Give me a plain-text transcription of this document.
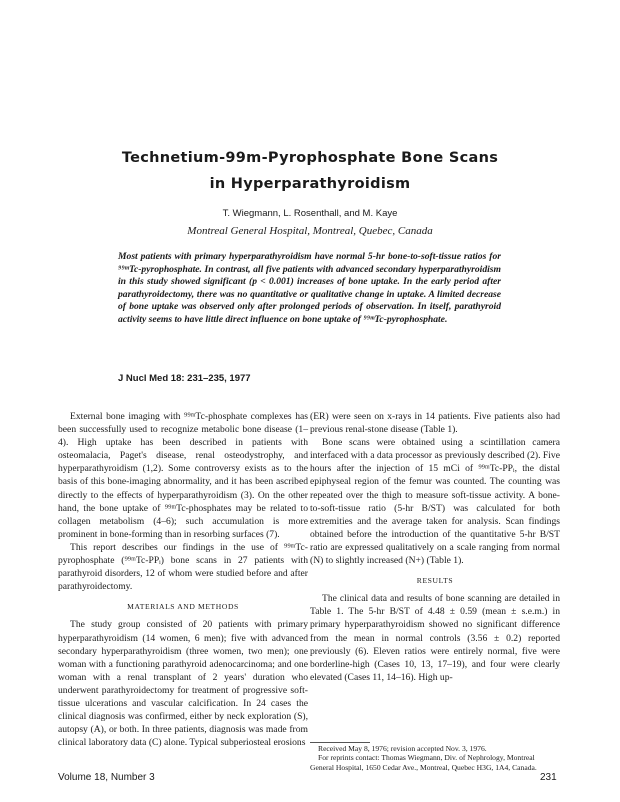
Technetium-99m-Pyrophosphate Bone Scans
in Hyperparathyroidism
T. Wiegmann, L. Rosenthall, and M. Kaye
Montreal General Hospital, Montreal, Quebec, Canada

Most patients with primary hyperparathyroidism have normal 5-hr bone-to-soft-tissue ratios for ⁹⁹ᵐTc-pyrophosphate. In contrast, all five patients with advanced secondary hyperparathyroidism in this study showed significant (p < 0.001) increases of bone uptake. In the early period after parathyroidectomy, there was no quantitative or qualitative change in uptake. A limited decrease of bone uptake was observed only after prolonged periods of observation. In itself, parathyroid activity seems to have little direct influence on bone uptake of ⁹⁹ᵐTc-pyrophosphate.

J Nucl Med 18: 231–235, 1977

External bone imaging with ⁹⁹ᵐTc-phosphate complexes has been successfully used to recognize metabolic bone disease (1–4). High uptake has been described in patients with osteomalacia, Paget's disease, renal osteodystrophy, and hyperparathyroidism (1,2). Some controversy exists as to the basis of this bone-imaging abnormality, and it has been ascribed directly to the effects of hyperparathyroidism (3). On the other hand, the bone uptake of ⁹⁹ᵐTc-phosphates may be related to collagen metabolism (4–6); such accumulation is more prominent in bone-forming than in resorbing surfaces (7).

This report describes our findings in the use of ⁹⁹ᵐTc-pyrophosphate (⁹⁹ᵐTc-PPᵢ) bone scans in 27 patients with parathyroid disorders, 12 of whom were studied before and after parathyroidectomy.

MATERIALS AND METHODS

The study group consisted of 20 patients with primary hyperparathyroidism (14 women, 6 men); five with advanced secondary hyperparathyroidism (three women, two men); one woman with a functioning parathyroid adenocarcinoma; and one woman with a renal transplant of 2 years' duration who underwent parathyroidectomy for treatment of progressive soft-tissue ulcerations and vascular calcification. In 24 cases the clinical diagnosis was confirmed, either by neck exploration (S), autopsy (A), or both. In three patients, diagnosis was made from clinical laboratory data (C) alone. Typical subperiosteal erosions

(ER) were seen on x-rays in 14 patients. Five patients also had previous renal-stone disease (Table 1).

Bone scans were obtained using a scintillation camera interfaced with a data processor as previously described (2). Five hours after the injection of 15 mCi of ⁹⁹ᵐTc-PPᵢ, the distal epiphyseal region of the femur was counted. The counting was repeated over the thigh to measure soft-tissue activity. A bone-to-soft-tissue ratio (5-hr B/ST) was calculated for both extremities and the average taken for analysis. Scan findings obtained before the introduction of the quantitative 5-hr B/ST ratio are expressed qualitatively on a scale ranging from normal (N) to slightly increased (N+) (Table 1).

RESULTS

The clinical data and results of bone scanning are detailed in Table 1. The 5-hr B/ST of 4.48 ± 0.59 (mean ± s.e.m.) in primary hyperparathyroidism showed no significant difference from the mean in normal controls (3.56 ± 0.2) reported previously (6). Eleven ratios were entirely normal, five were borderline-high (Cases 10, 13, 17–19), and four were clearly elevated (Cases 11, 14–16). High up-

Received May 8, 1976; revision accepted Nov. 3, 1976.

For reprints contact: Thomas Wiegmann, Div. of Nephrology, Montreal General Hospital, 1650 Cedar Ave., Montreal, Quebec H3G, 1A4, Canada.

Volume 18, Number 3	231
